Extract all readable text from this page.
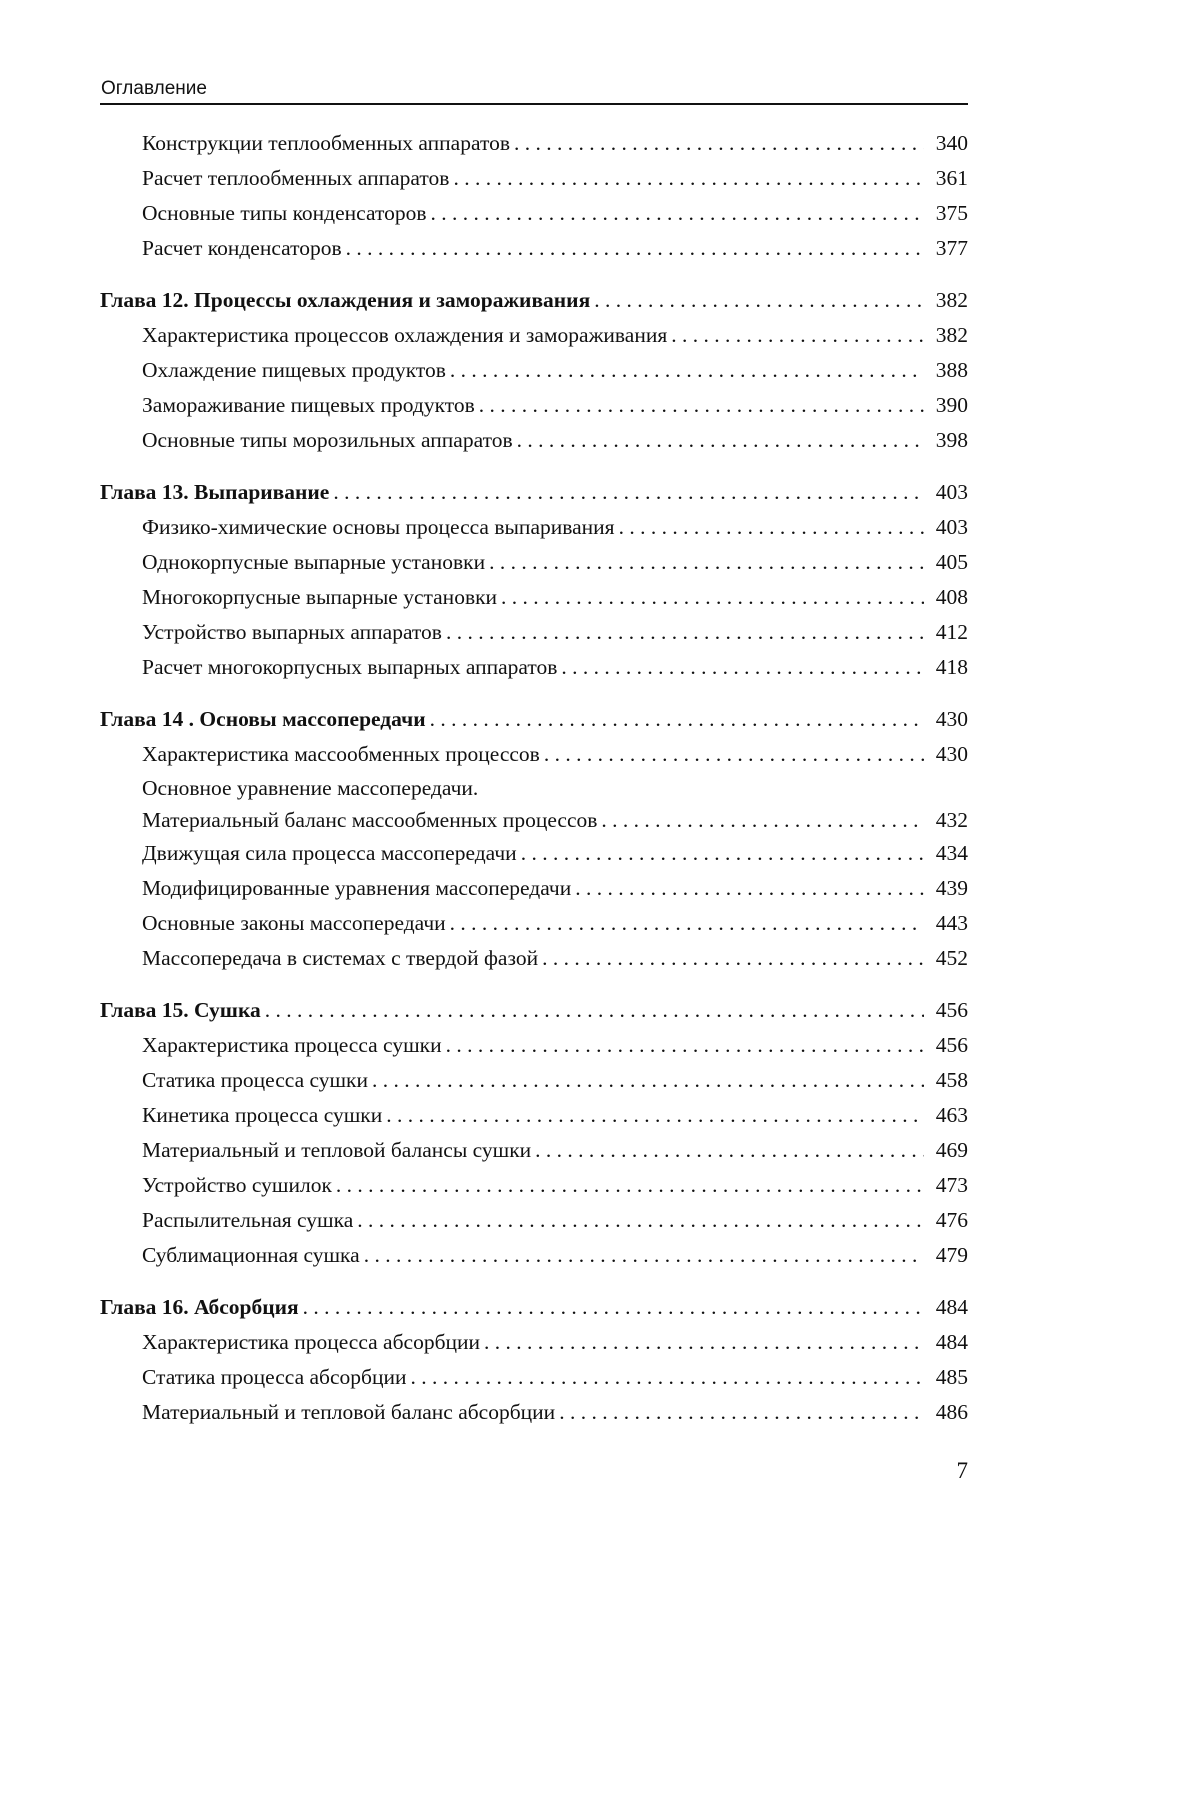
Оглавление
Конструкции теплообменных аппаратов . . .	340
Расчет теплообменных аппаратов . . .	361
Основные типы конденсаторов . . .	375
Расчет конденсаторов . . .	377
Глава 12. Процессы охлаждения и замораживания . . .	382
Характеристика процессов охлаждения и замораживания . . .	382
Охлаждение пищевых продуктов . . .	388
Замораживание пищевых продуктов . . .	390
Основные типы морозильных аппаратов . . .	398
Глава 13. Выпаривание . . .	403
Физико-химические основы процесса выпаривания . . .	403
Однокорпусные выпарные установки . . .	405
Многокорпусные выпарные установки . . .	408
Устройство выпарных аппаратов . . .	412
Расчет многокорпусных выпарных аппаратов . . .	418
Глава 14 . Основы массопередачи . . .	430
Характеристика массообменных процессов . . .	430
Основное уравнение массопередачи.
Материальный баланс массообменных процессов . . .	432
Движущая сила процесса массопередачи . . .	434
Модифицированные уравнения массопередачи . . .	439
Основные законы массопередачи . . .	443
Массопередача в системах с твердой фазой . . .	452
Глава 15. Сушка . . .	456
Характеристика процесса сушки . . .	456
Статика процесса сушки . . .	458
Кинетика процесса сушки . . .	463
Материальный и тепловой балансы сушки . . .	469
Устройство сушилок . . .	473
Распылительная сушка . . .	476
Сублимационная сушка . . .	479
Глава 16. Абсорбция . . .	484
Характеристика процесса абсорбции . . .	484
Статика процесса абсорбции . . .	485
Материальный и тепловой баланс абсорбции . . .	486
7
